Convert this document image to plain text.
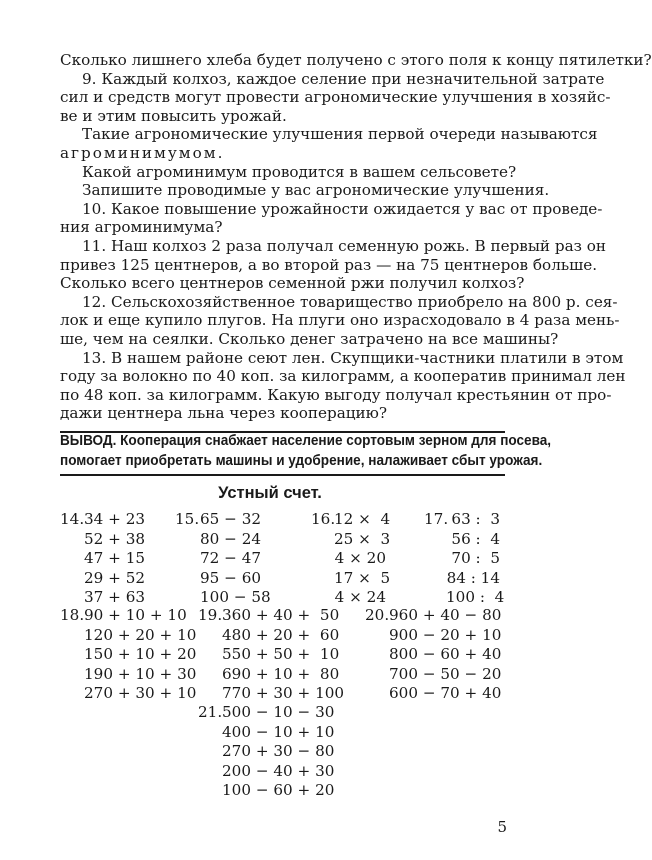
Сколько лишнего хлеба будет получено с этого поля к концу пятилетки?

9. Каждый колхоз, каждое селение при незначительной затрате

сил и средств могут провести агрономические улучшения в хозяйс-

ве и этим повысить урожай.

Такие агрономические улучшения первой очереди называются

агроминимумом.

Какой агроминимум проводится в вашем сельсовете?

Запишите проводимые у вас агрономические улучшения.

10. Какое повышение урожайности ожидается у вас от проведе-

ния агроминимума?

11. Наш колхоз 2 раза получал семенную рожь. В первый раз он

привез 125 центнеров, а во второй раз — на 75 центнеров больше.

Сколько всего центнеров семенной ржи получил колхоз?

12. Сельскохозяйственное товарищество приобрело на 800 р. сея-

лок и еще купило плугов. На плуги оно израсходовало в 4 раза мень-

ше, чем на сеялки. Сколько денег затрачено на все машины?

13. В нашем районе сеют лен. Скупщики-частники платили в этом

году за волокно по 40 коп. за килограмм, а кооператив принимал лен

по 48 коп. за килограмм. Какую выгоду получал крестьянин от про-

дажи центнера льна через кооперацию?

Устный счет.
14. 34 + 23
52 + 38
47 + 15
29 + 52
37 + 63
15. 65 − 32
80 − 24
72 − 47
95 − 60
100 − 58
16.
12 ×  4
25 ×  3
4 × 20
17 ×  5
4 × 24
17. 63 :  3
56 :  4
70 :  5
84 : 14
100 :  4
18. 90 + 10 + 10
120 + 20 + 10
150 + 10 + 20
190 + 10 + 30
270 + 30 + 10
19. 360 + 40 +  50
480 + 20 +  60
550 + 50 +  10
690 + 10 +  80
770 + 30 + 100
20. 960 + 40 − 80
900 − 20 + 10
800 − 60 + 40
700 − 50 − 20
600 − 70 + 40
21. 500 − 10 − 30
400 − 10 + 10
270 + 30 − 80
200 − 40 + 30
100 − 60 + 20
5
ВЫВОД. Кооперация снабжает население сортовым зерном для посева,
помогает приобретать машины и удобрение, налаживает сбыт урожая.
